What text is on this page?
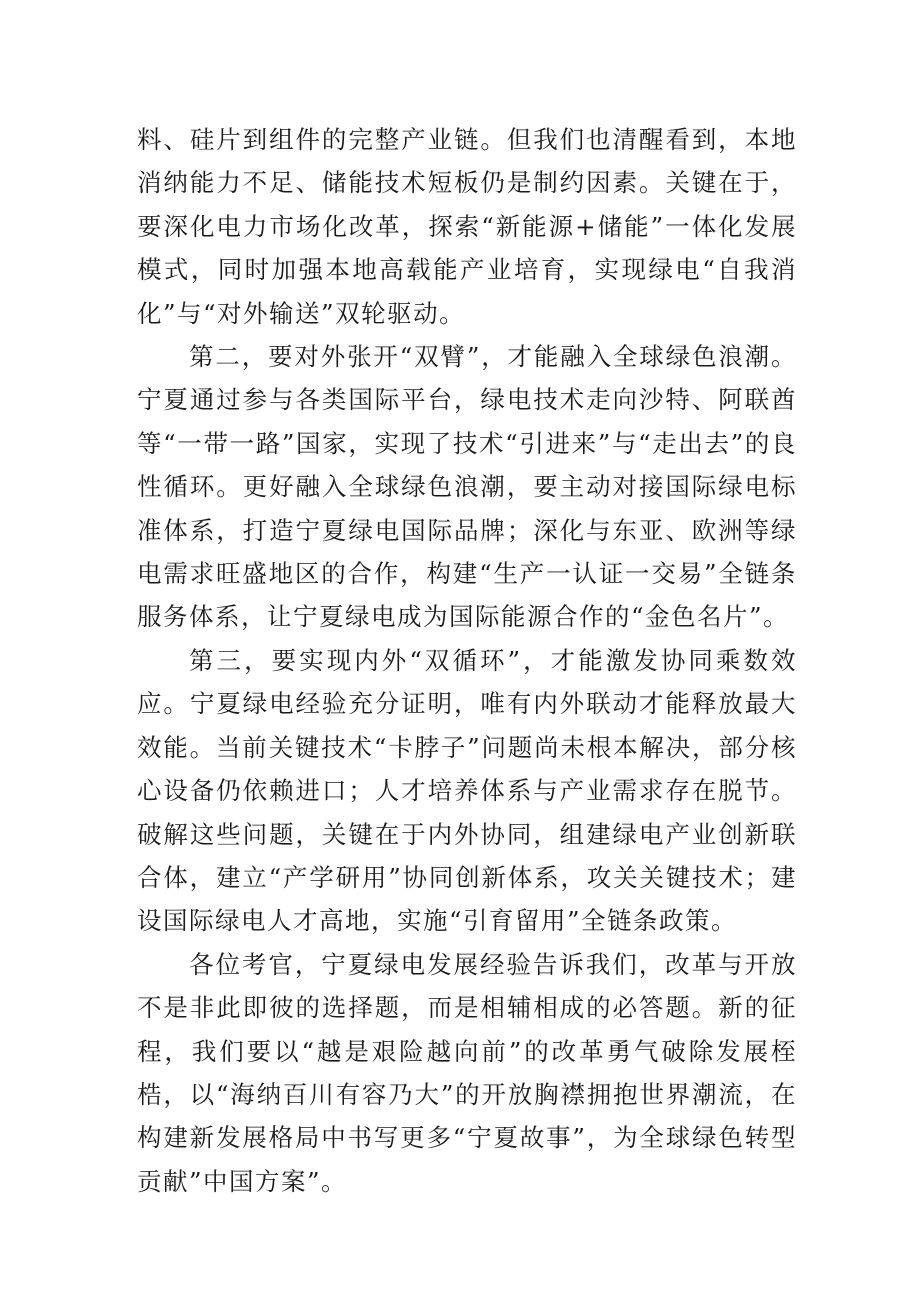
料、硅片到组件的完整产业链。但我们也清醒看到，本地消纳能力不足、储能技术短板仍是制约因素。关键在于，要深化电力市场化改革，探索“新能源+储能”一体化发展模式，同时加强本地高载能产业培育，实现绿电“自我消化”与“对外输送”双轮驱动。

第二，要对外张开“双臂”，才能融入全球绿色浪潮。宁夏通过参与各类国际平台，绿电技术走向沙特、阿联酋等“一带一路”国家，实现了技术“引进来”与“走出去”的良性循环。更好融入全球绿色浪潮，要主动对接国际绿电标准体系，打造宁夏绿电国际品牌；深化与东亚、欧洲等绿电需求旺盛地区的合作，构建“生产一认证一交易”全链条服务体系，让宁夏绿电成为国际能源合作的“金色名片”。

第三，要实现内外“双循环”，才能激发协同乘数效应。宁夏绿电经验充分证明，唯有内外联动才能释放最大效能。当前关键技术“卡脖子”问题尚未根本解决，部分核心设备仍依赖进口；人才培养体系与产业需求存在脱节。破解这些问题，关键在于内外协同，组建绿电产业创新联合体，建立“产学研用”协同创新体系，攻关关键技术；建设国际绿电人才高地，实施“引育留用”全链条政策。

各位考官，宁夏绿电发展经验告诉我们，改革与开放不是非此即彼的选择题，而是相辅相成的必答题。新的征程，我们要以“越是艰险越向前”的改革勇气破除发展桎梏，以“海纳百川有容乃大”的开放胸襟拥抱世界潮流，在构建新发展格局中书写更多“宁夏故事”，为全球绿色转型贡献”中国方案”。
